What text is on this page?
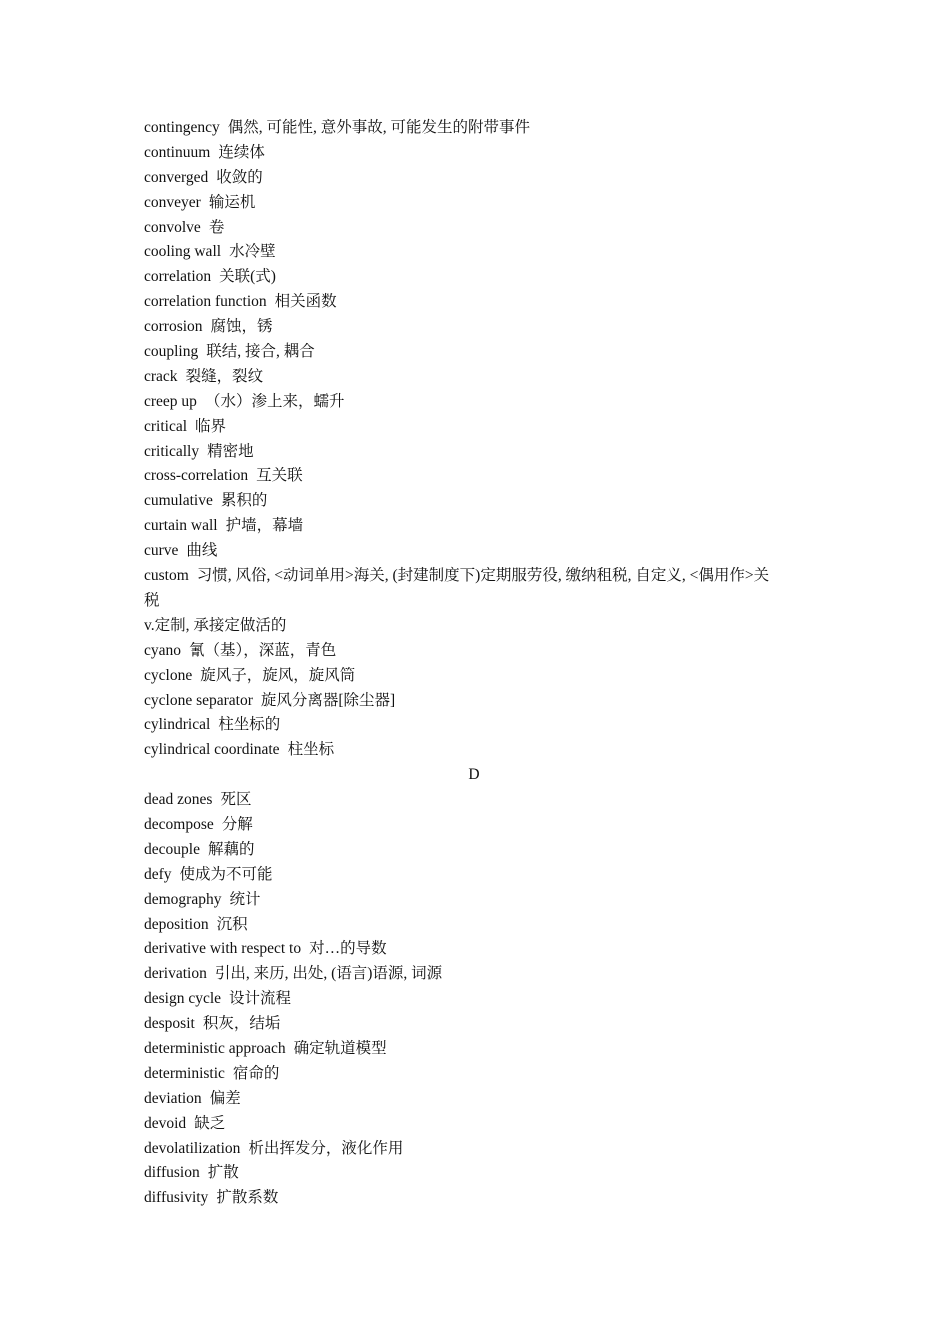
contingency 偶然, 可能性, 意外事故, 可能发生的附带事件
continuum 连续体
converged 收敛的
conveyer 输运机
convolve 卷
cooling wall 水冷壁
correlation 关联(式)
correlation function 相关函数
corrosion 腐蚀，锈
coupling 联结, 接合, 耦合
crack 裂缝，裂纹
creep up （水）渗上来，蠕升
critical 临界
critically 精密地
cross-correlation 互关联
cumulative 累积的
curtain wall 护墙，幕墙
curve 曲线
custom 习惯, 风俗, <动词单用>海关, (封建制度下)定期服劳役, 缴纳租税, 自定义, <偶用作>关税
v.定制, 承接定做活的
cyano 氰（基），深蓝，青色
cyclone 旋风子，旋风，旋风筒
cyclone separator 旋风分离器[除尘器]
cylindrical 柱坐标的
cylindrical coordinate 柱坐标
D
dead zones 死区
decompose 分解
decouple 解藕的
defy 使成为不可能
demography 统计
deposition 沉积
derivative with respect to 对…的导数
derivation 引出, 来历, 出处, (语言)语源, 词源
design cycle 设计流程
desposit 积灰，结垢
deterministic approach 确定轨道模型
deterministic 宿命的
deviation 偏差
devoid 缺乏
devolatilization 析出挥发分，液化作用
diffusion 扩散
diffusivity 扩散系数
